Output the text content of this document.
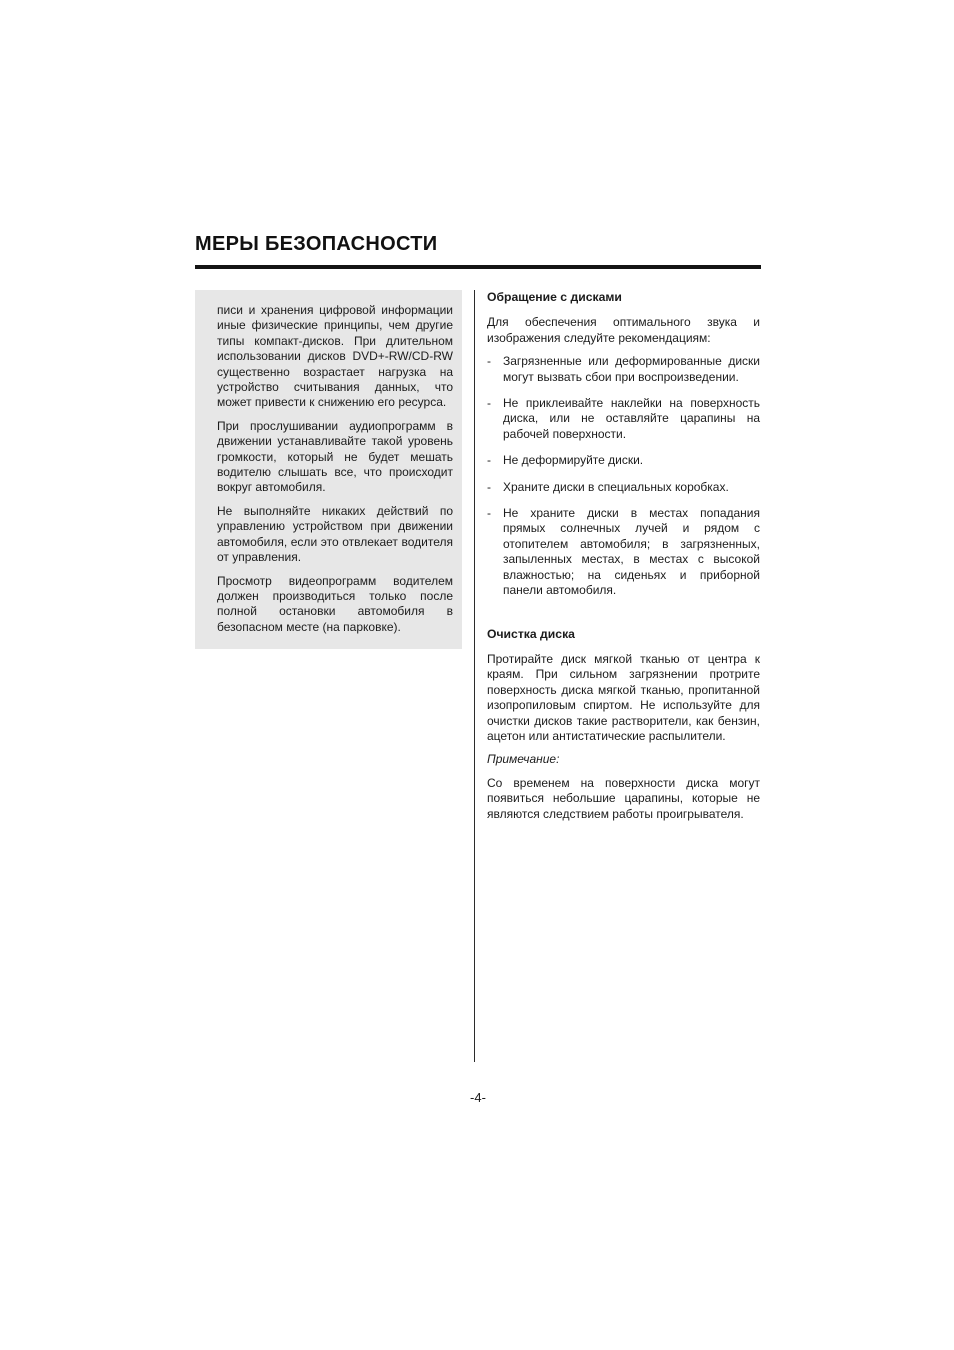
МЕРЫ БЕЗОПАСНОСТИ

писи и хранения цифровой информации иные физические принципы, чем другие типы компакт-дисков. При длительном использовании дисков DVD+-RW/CD-RW существенно возрастает нагрузка на устройство считывания данных, что может привести к снижению его ресурса.

При прослушивании аудиопрограмм в движении устанавливайте такой уровень громкости, который не будет мешать водителю слышать все, что происходит вокруг автомобиля.

Не выполняйте никаких действий по управлению устройством при движении автомобиля, если это отвлекает водителя от управления.

Просмотр видеопрограмм водителем должен производиться только после полной остановки автомобиля в безопасном месте (на парковке).

Обращение с дисками

Для обеспечения оптимального звука и изображения следуйте рекомендациям:

-	Загрязненные или деформированные диски могут вызвать сбои при воспроизведении.
-	Не приклеивайте наклейки на поверхность диска, или не оставляйте царапины на рабочей поверхности.
-	Не деформируйте диски.
-	Храните диски в специальных коробках.
-	Не храните диски в местах попадания прямых солнечных лучей и рядом с отопителем автомобиля; в загрязненных, запыленных местах, в местах с высокой влажностью; на сиденьях и приборной панели автомобиля.

Очистка диска

Протирайте диск мягкой тканью от центра к краям. При сильном загрязнении протрите поверхность диска мягкой тканью, пропитанной изопропиловым спиртом. Не используйте для очистки дисков такие растворители, как бензин, ацетон или антистатические распылители.

Примечание:

Со временем на поверхности диска могут появиться небольшие царапины, которые не являются следствием работы проигрывателя.

-4-
